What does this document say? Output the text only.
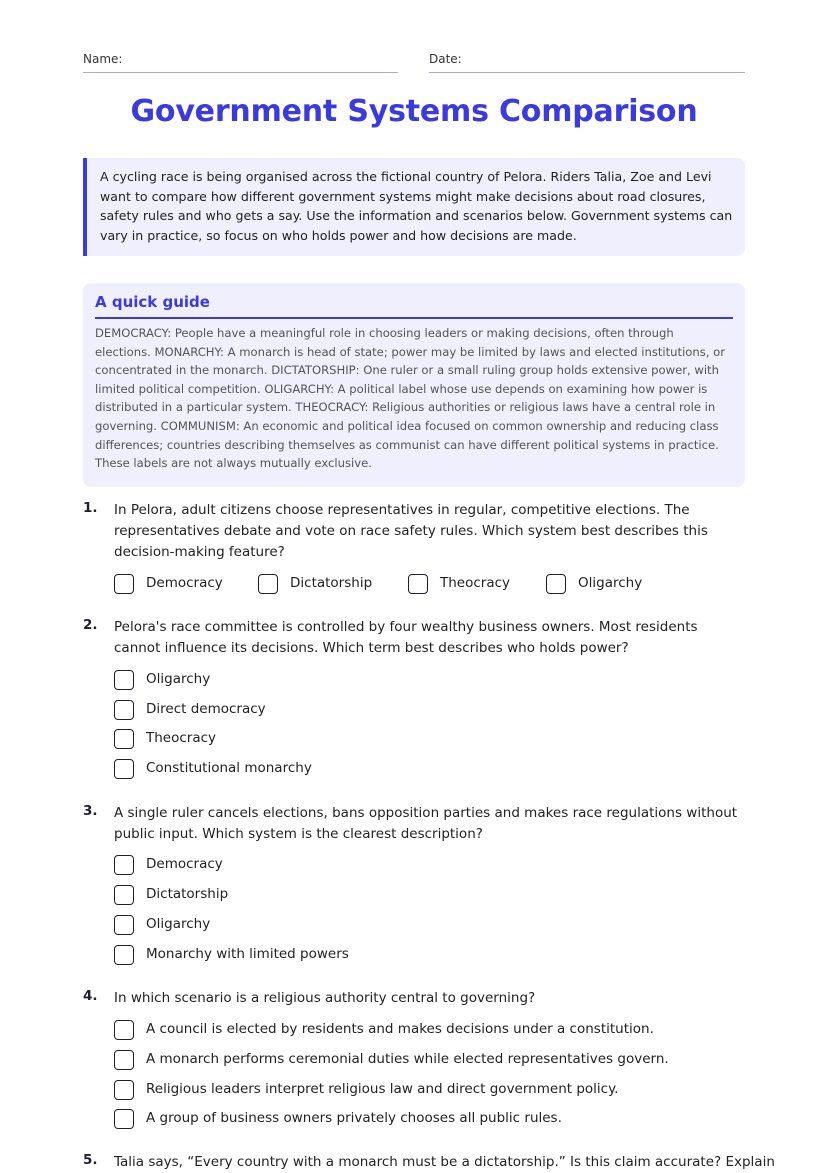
Name:	Date:
Government Systems Comparison
A cycling race is being organised across the fictional country of Pelora. Riders Talia, Zoe and Levi want to compare how different government systems might make decisions about road closures, safety rules and who gets a say. Use the information and scenarios below. Government systems can vary in practice, so focus on who holds power and how decisions are made.
A quick guide
DEMOCRACY: People have a meaningful role in choosing leaders or making decisions, often through elections. MONARCHY: A monarch is head of state; power may be limited by laws and elected institutions, or concentrated in the monarch. DICTATORSHIP: One ruler or a small ruling group holds extensive power, with limited political competition. OLIGARCHY: A political label whose use depends on examining how power is distributed in a particular system. THEOCRACY: Religious authorities or religious laws have a central role in governing. COMMUNISM: An economic and political idea focused on common ownership and reducing class differences; countries describing themselves as communist can have different political systems in practice. These labels are not always mutually exclusive.
1. In Pelora, adult citizens choose representatives in regular, competitive elections. The representatives debate and vote on race safety rules. Which system best describes this decision-making feature?
Democracy	Dictatorship	Theocracy	Oligarchy
2. Pelora's race committee is controlled by four wealthy business owners. Most residents cannot influence its decisions. Which term best describes who holds power?
Oligarchy
Direct democracy
Theocracy
Constitutional monarchy
3. A single ruler cancels elections, bans opposition parties and makes race regulations without public input. Which system is the clearest description?
Democracy
Dictatorship
Oligarchy
Monarchy with limited powers
4. In which scenario is a religious authority central to governing?
A council is elected by residents and makes decisions under a constitution.
A monarch performs ceremonial duties while elected representatives govern.
Religious leaders interpret religious law and direct government policy.
A group of business owners privately chooses all public rules.
5. Talia says, “Every country with a monarch must be a dictatorship.” Is this claim accurate? Explain
